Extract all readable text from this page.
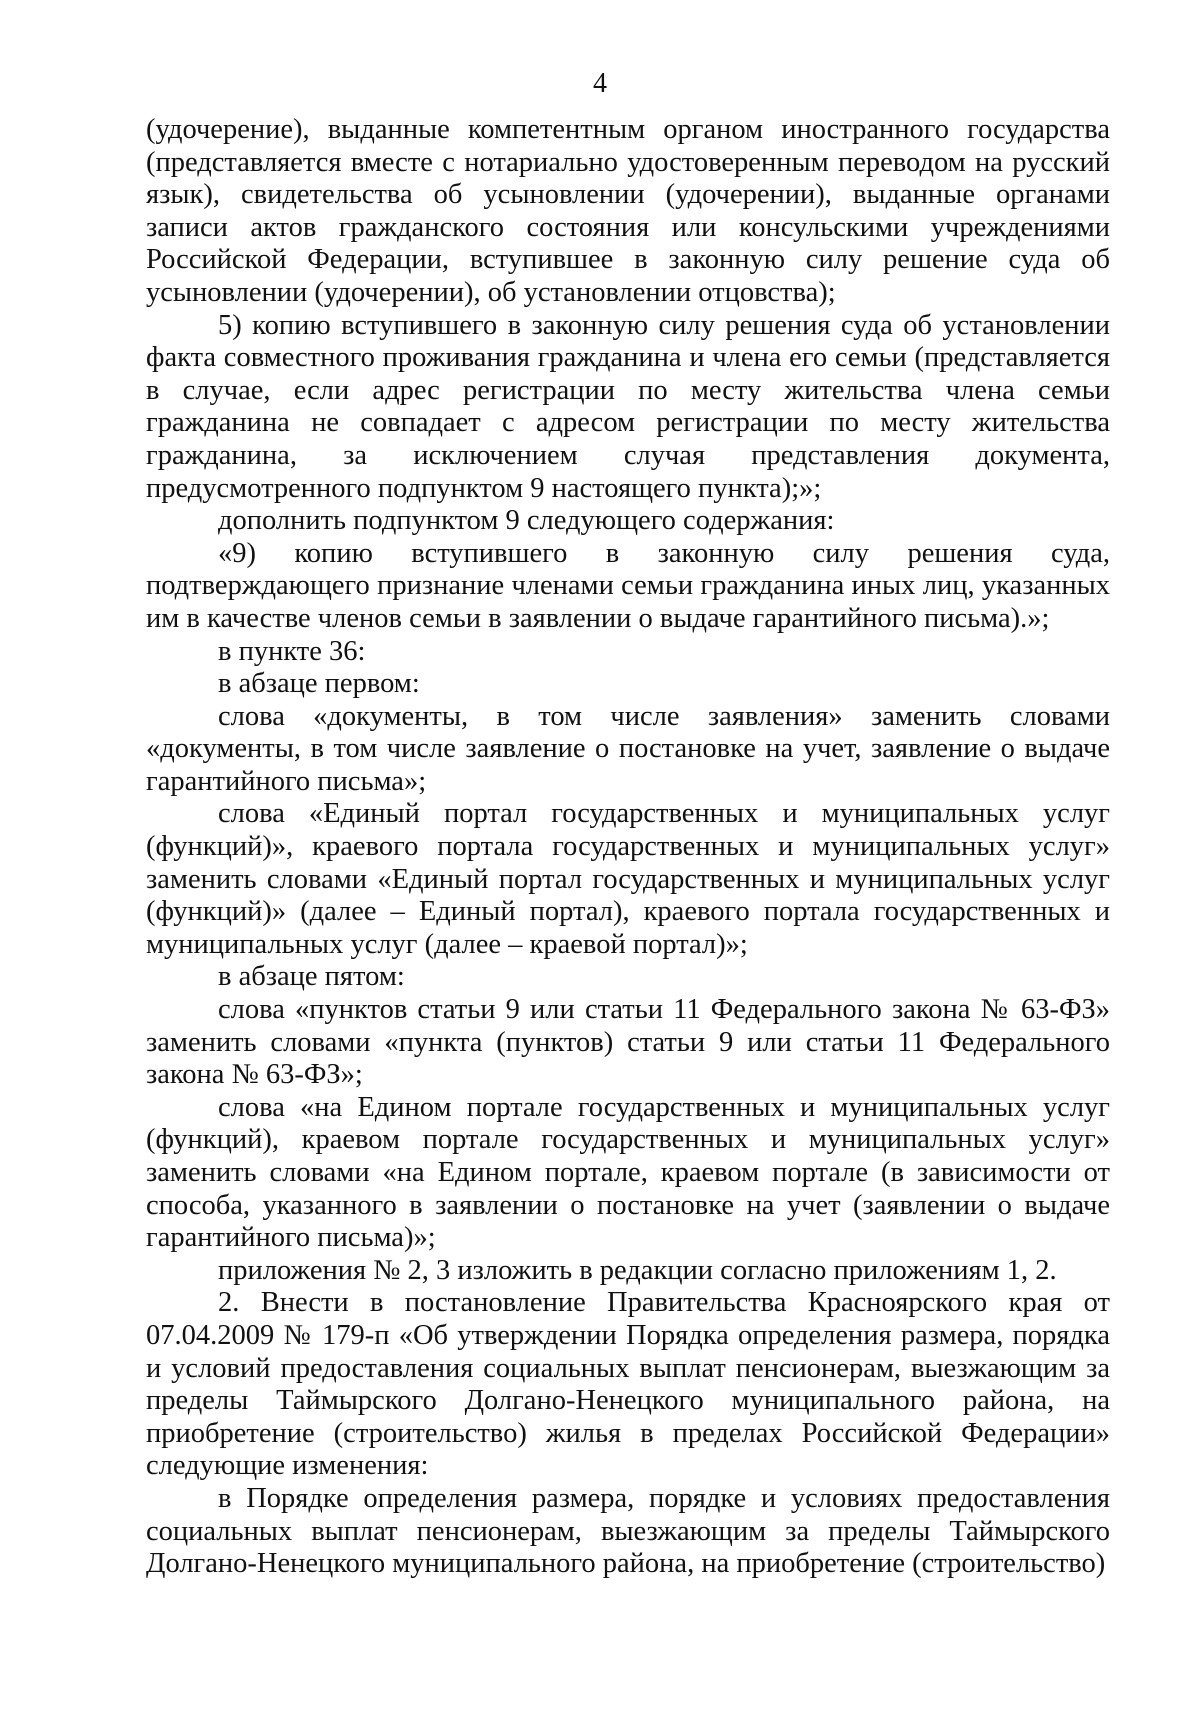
4

(удочерение), выданные компетентным органом иностранного государства (представляется вместе с нотариально удостоверенным переводом на русский язык), свидетельства об усыновлении (удочерении), выданные органами записи актов гражданского состояния или консульскими учреждениями Российской Федерации, вступившее в законную силу решение суда об усыновлении (удочерении), об установлении отцовства);

5) копию вступившего в законную силу решения суда об установлении факта совместного проживания гражданина и члена его семьи (представляется в случае, если адрес регистрации по месту жительства члена семьи гражданина не совпадает с адресом регистрации по месту жительства гражданина, за исключением случая представления документа, предусмотренного подпунктом 9 настоящего пункта);»;

дополнить подпунктом 9 следующего содержания:

«9) копию вступившего в законную силу решения суда, подтверждающего признание членами семьи гражданина иных лиц, указанных им в качестве членов семьи в заявлении о выдаче гарантийного письма).»;

в пункте 36:

в абзаце первом:

слова «документы, в том числе заявления» заменить словами «документы, в том числе заявление о постановке на учет, заявление о выдаче гарантийного письма»;

слова «Единый портал государственных и муниципальных услуг (функций)», краевого портала государственных и муниципальных услуг» заменить словами «Единый портал государственных и муниципальных услуг (функций)» (далее – Единый портал), краевого портала государственных и муниципальных услуг (далее – краевой портал)»;

в абзаце пятом:

слова «пунктов статьи 9 или статьи 11 Федерального закона № 63-ФЗ» заменить словами «пункта (пунктов) статьи 9 или статьи 11 Федерального закона № 63-ФЗ»;

слова «на Едином портале государственных и муниципальных услуг (функций), краевом портале государственных и муниципальных услуг» заменить словами «на Едином портале, краевом портале (в зависимости от способа, указанного в заявлении о постановке на учет (заявлении о выдаче гарантийного письма)»;

приложения № 2, 3 изложить в редакции согласно приложениям 1, 2.

2. Внести в постановление Правительства Красноярского края от 07.04.2009 № 179-п «Об утверждении Порядка определения размера, порядка и условий предоставления социальных выплат пенсионерам, выезжающим за пределы Таймырского Долгано-Ненецкого муниципального района, на приобретение (строительство) жилья в пределах Российской Федерации» следующие изменения:

в Порядке определения размера, порядке и условиях предоставления социальных выплат пенсионерам, выезжающим за пределы Таймырского Долгано-Ненецкого муниципального района, на приобретение (строительство)
